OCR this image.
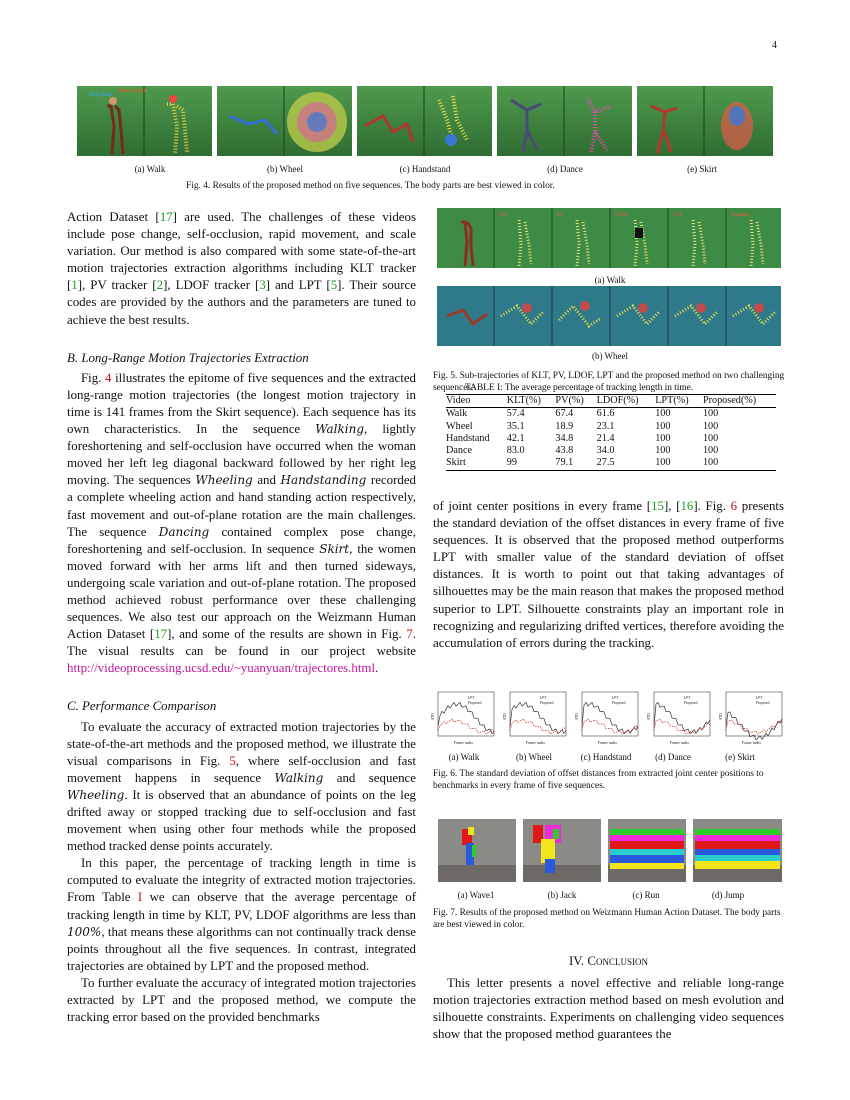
4
Red point
Black point
(a) Walk	(b) Wheel	(c) Handstand	(d) Dance	(e) Skirt
Fig. 4. Results of the proposed method on five sequences. The body parts are best viewed in color.
KLT	PV	LDOF	LPT	Proposed
(a) Walk
(b) Wheel
Fig. 5. Sub-trajectories of KLT, PV, LDOF, LPT and the proposed method on two challenging sequences.
TABLE I: The average percentage of tracking length in time.
Video	KLT(%)	PV(%)	LDOF(%)	LPT(%)	Proposed(%)
Walk	57.4	67.4	61.6	100	100
Wheel	35.1	18.9	23.1	100	100
Handstand	42.1	34.8	21.4	100	100
Dance	83.0	43.8	34.0	100	100
Skirt	99	79.1	27.5	100	100

Action Dataset [17] are used. The challenges of these videos include pose change, self-occlusion, rapid movement, and scale variation. Our method is also compared with some state-of-the-art motion trajectories extraction algorithms including KLT tracker [1], PV tracker [2], LDOF tracker [3] and LPT [5]. Their source codes are provided by the authors and the parameters are tuned to achieve the best results.

B. Long-Range Motion Trajectories Extraction

Fig. 4 illustrates the epitome of five sequences and the extracted long-range motion trajectories (the longest motion trajectory in time is 141 frames from the Skirt sequence). Each sequence has its own characteristics. In the sequence Walking, lightly foreshortening and self-occlusion have occurred when the woman moved her left leg diagonal backward followed by her right leg moving. The sequences Wheeling and Handstanding recorded a complete wheeling action and hand standing action respectively, fast movement and out-of-plane rotation are the main challenges. The sequence Dancing contained complex pose change, foreshortening and self-occlusion. In sequence Skirt, the women moved forward with her arms lift and then turned sideways, undergoing scale variation and out-of-plane rotation. The proposed method achieved robust performance over these challenging sequences. We also test our approach on the Weizmann Human Action Dataset [17], and some of the results are shown in Fig. 7. The visual results can be found in our project website http://videoprocessing.ucsd.edu/~yuanyuan/trajectores.html.

C. Performance Comparison

To evaluate the accuracy of extracted motion trajectories by the state-of-the-art methods and the proposed method, we illustrate the visual comparisons in Fig. 5, where self-occlusion and fast movement happens in sequence Walking and sequence Wheeling. It is observed that an abundance of points on the leg drifted away or stopped tracking due to self-occlusion and fast movement when using other four methods while the proposed method tracked dense points accurately.

In this paper, the percentage of tracking length in time is computed to evaluate the integrity of extracted motion trajectories. From Table I we can observe that the average percentage of tracking length in time by KLT, PV, LDOF algorithms are less than 100%, that means these algorithms can not continually track dense points throughout all the five sequences. In contrast, integrated trajectories are obtained by LPT and the proposed method.

To further evaluate the accuracy of integrated motion trajectories extracted by LPT and the proposed method, we compute the tracking error based on the provided benchmarks

of joint center positions in every frame [15], [16]. Fig. 6 presents the standard deviation of the offset distances in every frame of five sequences. It is observed that the proposed method outperforms LPT with smaller value of the standard deviation of offset distances. It is worth to point out that taking advantages of silhouettes may be the main reason that makes the proposed method superior to LPT. Silhouette constraints play an important role in recognizing and regularizing drifted vertices, therefore avoiding the accumulation of errors during the tracking.

LPT
Proposed
Frame index
STD
LPT
Proposed
Frame index
STD
LPT
Proposed
Frame index
STD
LPT
Proposed
Frame index
STD
LPT
Proposed
Frame index
STD
(a) Walk	(b) Wheel	(c) Handstand	(d) Dance	(e) Skirt
Fig. 6. The standard deviation of offset distances from extracted joint center positions to benchmarks in every frame of five sequences.
(a) Wave1	(b) Jack	(c) Run	(d) Jump
Fig. 7. Results of the proposed method on Weizmann Human Action Dataset. The body parts are best viewed in color.
IV. Conclusion

This letter presents a novel effective and reliable long-range motion trajectories extraction method based on mesh evolution and silhouette constraints. Experiments on challenging video sequences show that the proposed method guarantees the
